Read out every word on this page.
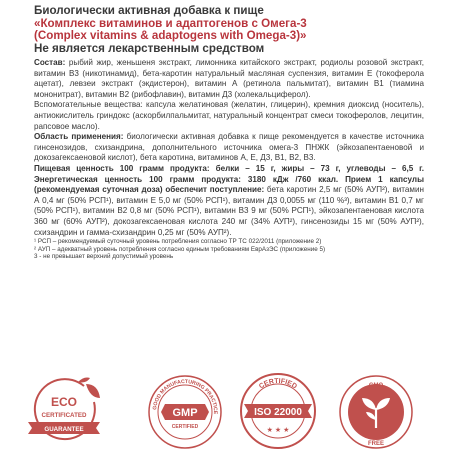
Биологически активная добавка к пище
«Комплекс витаминов и адаптогенов с Омега-3
(Complex vitamins & adaptogens with Omega-3)»
Не является лекарственным средством

Состав: рыбий жир, женьшеня экстракт, лимонника китайского экстракт, родиолы розовой экстракт, витамин В3 (никотинамид), бета-каротин натуральный масляная суспензия, витамин Е (токоферола ацетат), левзеи экстракт (экдистерон), витамин А (ретинола пальмитат), витамин В1 (тиамина мононитрат), витамин В2 (рибофлавин), витамин Д3 (холекальциферол).

Вспомогательные вещества: капсула желатиновая (желатин, глицерин), кремния диоксид (носитель), антиокислитель гриндокс (аскорбилпальмитат, натуральный концентрат смеси токоферолов, лецитин, рапсовое масло).

Область применения: биологически активная добавка к пище рекомендуется в качестве источника гинсенозидов, схизандрина, дополнительного источника омега-3 ПНЖК (эйкозапентаеновой и докозагексаеновой кислот), бета каротина, витаминов А, Е, Д3, В1, В2, В3.

Пищевая ценность 100 грамм продукта: белки – 15 г, жиры – 73 г, углеводы – 6,5 г. Энергетическая ценность 100 грамм продукта: 3180 кДж /760 ккал. Прием 1 капсулы (рекомендуемая суточная доза) обеспечит поступление: бета каротин 2,5 мг (50% АУП²), витамин А 0,4 мг (50% РСП¹), витамин Е 5,0 мг (50% РСП¹), витамин Д3 0,0055 мг (110 %³), витамин В1 0,7 мг (50% РСП¹), витамин В2 0,8 мг (50% РСП¹), витамин В3 9 мг (50% РСП¹), эйкозапентаеновая кислота 360 мг (60% АУП²), докозагексаеновая кислота 240 мг (34% АУП²), гинсенозиды 15 мг (50% АУП²), схизандрин и гамма-схизандрин 0,25 мг (50% АУП²).

¹ РСП – рекомендуемый суточный уровень потребления согласно ТР ТС 022/2011 (приложение 2)

² АУП – адекватный уровень потребления согласно единым требованиям ЕврАзЭС (приложение 5)

3 - не превышает верхний допустимый уровень

ECO
CERTIFICATED
GUARANTEE
GOOD MANUFACTURING PRACTICE
GMP
CERTIFIED
CERTIFIED
ISO 22000
★ ★ ★
GMO
FREE
